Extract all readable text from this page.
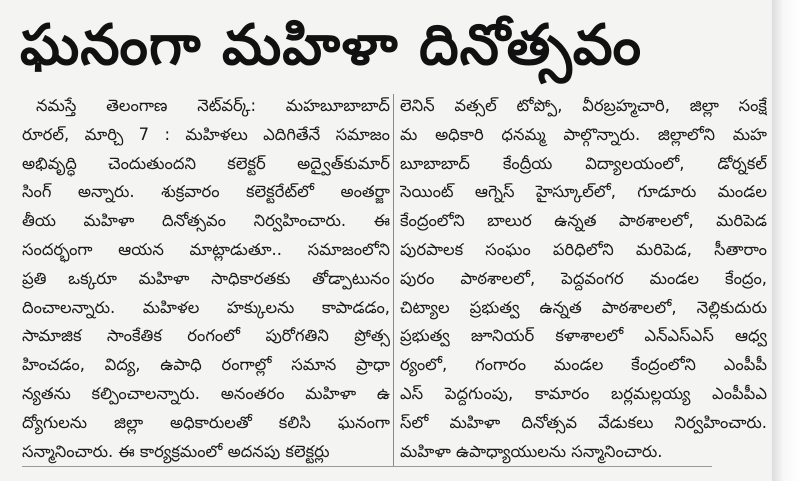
ఘనంగా మహిళా దినోత్సవం
నమస్తే తెలంగాణ నెట్‌వర్క్‌: మహబూబాబాద్‌
రూరల్‌, మార్చి 7 : మహిళలు ఎదిగితేనే సమాజం
అభివృద్ధి చెందుతుందని కలెక్టర్‌ అద్వైత్‌కుమార్‌
సింగ్‌ అన్నారు. శుక్రవారం కలెక్టరేట్‌లో అంతర్జా
తీయ మహిళా దినోత్సవం నిర్వహించారు. ఈ
సందర్భంగా ఆయన మాట్లాడుతూ.. సమాజంలోని
ప్రతి ఒక్కరూ మహిళా సాధికారతకు తోడ్పాటునం
దించాలన్నారు. మహిళల హక్కులను కాపాడడం,
సామాజిక సాంకేతిక రంగంలో పురోగతిని ప్రోత్స
హించడం, విద్య, ఉపాధి రంగాల్లో సమాన ప్రాధా
న్యతను కల్పించాలన్నారు. అనంతరం మహిళా ఉ
ద్యోగులను జిల్లా అధికారులతో కలిసి ఘనంగా
సన్మానించారు. ఈ కార్యక్రమంలో అదనపు కలెక్టర్లు
లెనిన్‌ వత్సల్‌ టోప్పో, వీరబ్రహ్మచారి, జిల్లా సంక్షే
మ అధికారి ధనమ్మ పాల్గొన్నారు. జిల్లాలోని మహ
బూబాబాద్‌ కేంద్రీయ విద్యాలయంలో, డోర్నకల్‌
సెయింట్‌ ఆగ్నెస్‌ హైస్కూల్‌లో, గూడూరు మండల
కేంద్రంలోని బాలుర ఉన్నత పాఠశాలలో, మరిపెడ
పురపాలక సంఘం పరిధిలోని మరిపెడ, సీతారాం
పురం పాఠశాలలో, పెద్దవంగర మండల కేంద్రం,
చిట్యాల ప్రభుత్వ ఉన్నత పాఠశాలలో, నెల్లికుదురు
ప్రభుత్వ జూనియర్‌ కళాశాలలో ఎన్‌ఎస్‌ఎస్‌ ఆధ్వ
ర్యంలో, గంగారం మండల కేంద్రంలోని ఎంపీపీ
ఎస్‌ పెద్దగుంపు, కామారం బర్లమల్లయ్య ఎంపీపీఎ
స్‌లో మహిళా దినోత్సవ వేడుకలు నిర్వహించారు.
మహిళా ఉపాధ్యాయులను సన్మానించారు.
